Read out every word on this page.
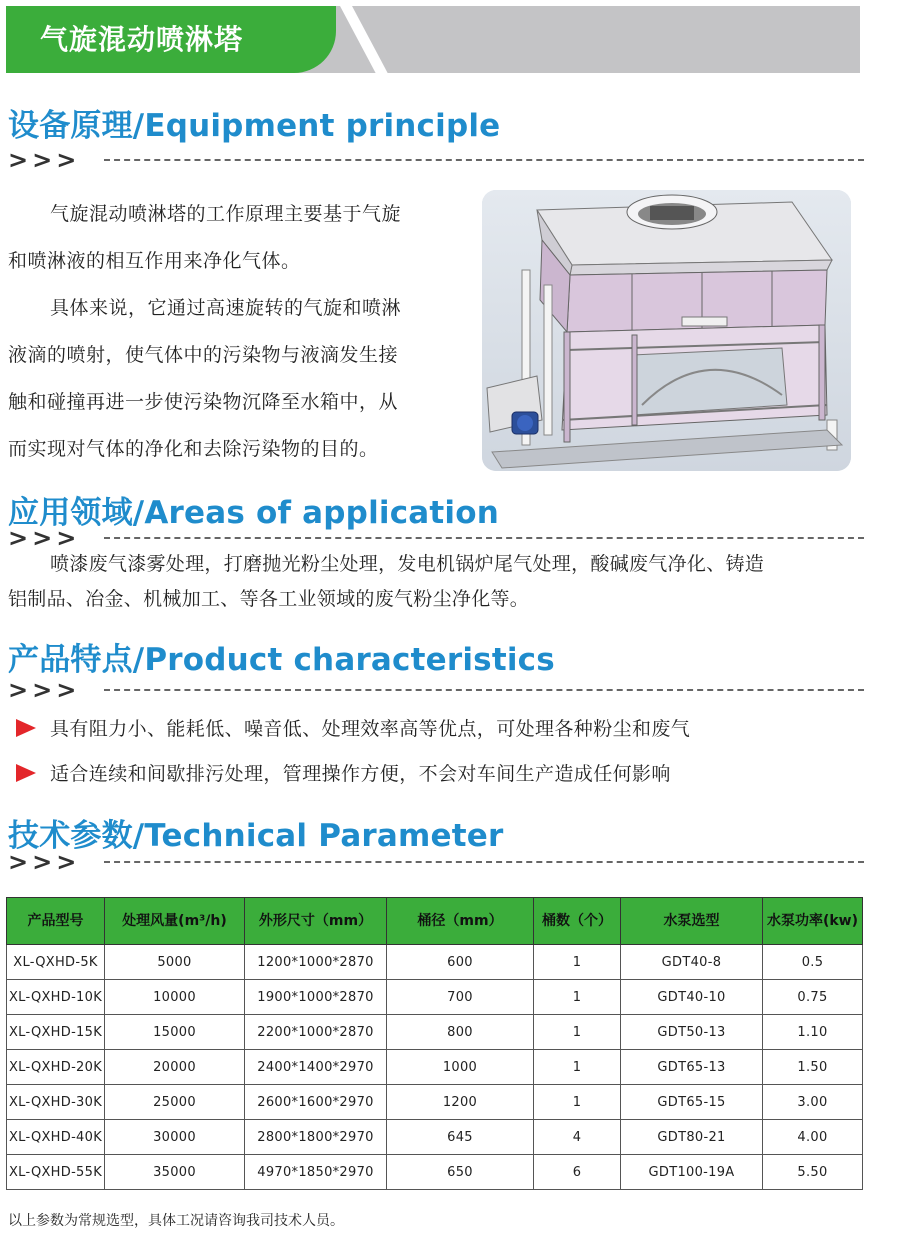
气旋混动喷淋塔
设备原理/Equipment principle
>>>

气旋混动喷淋塔的工作原理主要基于气旋

和喷淋液的相互作用来净化气体。

具体来说，它通过高速旋转的气旋和喷淋

液滴的喷射，使气体中的污染物与液滴发生接

触和碰撞再进一步使污染物沉降至水箱中，从

而实现对气体的净化和去除污染物的目的。

应用领域/Areas of application
>>>

喷漆废气漆雾处理，打磨抛光粉尘处理，发电机锅炉尾气处理，酸碱废气净化、铸造

铝制品、冶金、机械加工、等各工业领域的废气粉尘净化等。

产品特点/Product characteristics
>>>
具有阻力小、能耗低、噪音低、处理效率高等优点，可处理各种粉尘和废气
适合连续和间歇排污处理，管理操作方便，不会对车间生产造成任何影响
技术参数/Technical Parameter
>>>
产品型号	处理风量(m³/h)	外形尺寸（mm）	桶径（mm）	桶数（个）	水泵选型	水泵功率(kw)
XL-QXHD-5K	5000	1200*1000*2870	600	1	GDT40-8	0.5
XL-QXHD-10K	10000	1900*1000*2870	700	1	GDT40-10	0.75
XL-QXHD-15K	15000	2200*1000*2870	800	1	GDT50-13	1.10
XL-QXHD-20K	20000	2400*1400*2970	1000	1	GDT65-13	1.50
XL-QXHD-30K	25000	2600*1600*2970	1200	1	GDT65-15	3.00
XL-QXHD-40K	30000	2800*1800*2970	645	4	GDT80-21	4.00
XL-QXHD-55K	35000	4970*1850*2970	650	6	GDT100-19A	5.50
以上参数为常规选型，具体工况请咨询我司技术人员。
